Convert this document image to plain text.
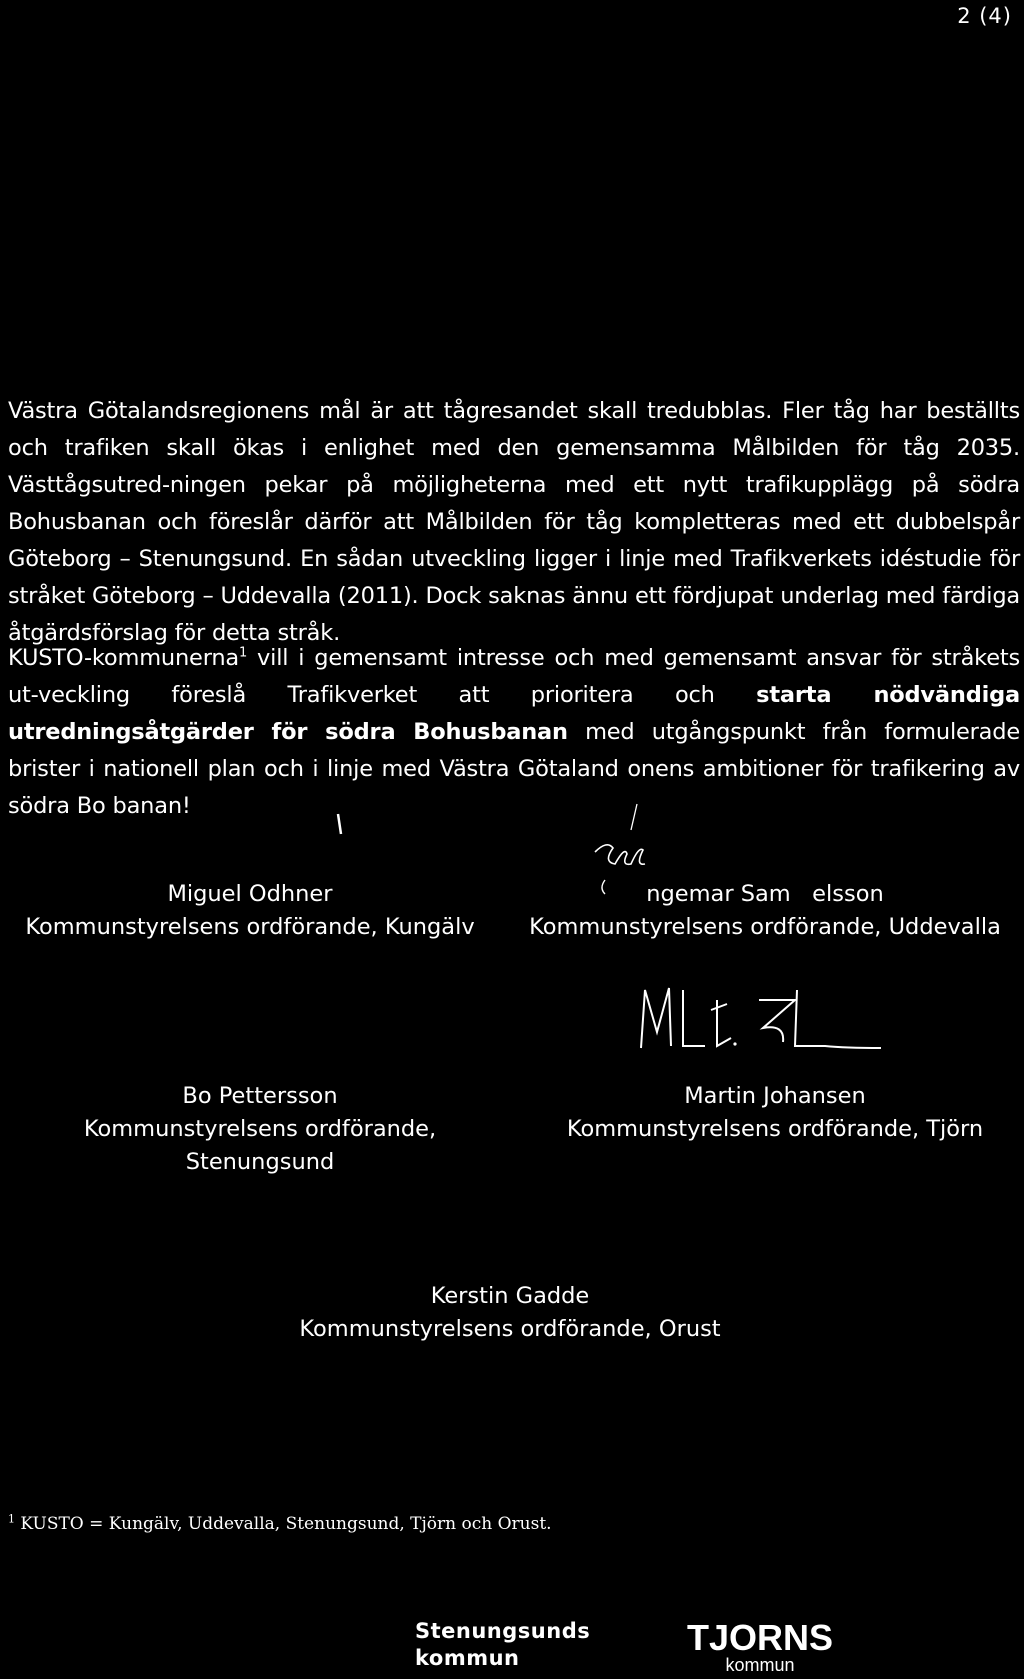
2 (4)

Västra Götalandsregionens mål är att tågresandet skall tredubblas. Fler tåg har beställts och trafiken skall ökas i enlighet med den gemensamma Målbilden för tåg 2035. Västtågsutred-ningen pekar på möjligheterna med ett nytt trafikupplägg på södra Bohusbanan och föreslår därför att Målbilden för tåg kompletteras med ett dubbelspår Göteborg – Stenungsund. En sådan utveckling ligger i linje med Trafikverkets idéstudie för stråket Göteborg – Uddevalla (2011). Dock saknas ännu ett fördjupat underlag med färdiga åtgärdsförslag för detta stråk.

KUSTO-kommunerna$^1$ vill i gemensamt intresse och med gemensamt ansvar för stråkets ut-veckling föreslå Trafikverket att prioritera och starta nödvändiga utredningsåtgärder för södra Bohusbanan med utgångspunkt från formulerade brister i nationell plan och i linje med Västra Götaland onens ambitioner för trafikering av södra Bo banan!

Miguel Odhner
Kommunstyrelsens ordförande, Kungälv
ngemar Sam   elsson
Kommunstyrelsens ordförande, Uddevalla
Bo Pettersson
Kommunstyrelsens ordförande,
Stenungsund
Martin Johansen
Kommunstyrelsens ordförande, Tjörn
Kerstin Gadde
Kommunstyrelsens ordförande, Orust
$^1$ KUSTO = Kungälv, Uddevalla, Stenungsund, Tjörn och Orust.
Stenungsunds
kommun	TJORNS
kommun
